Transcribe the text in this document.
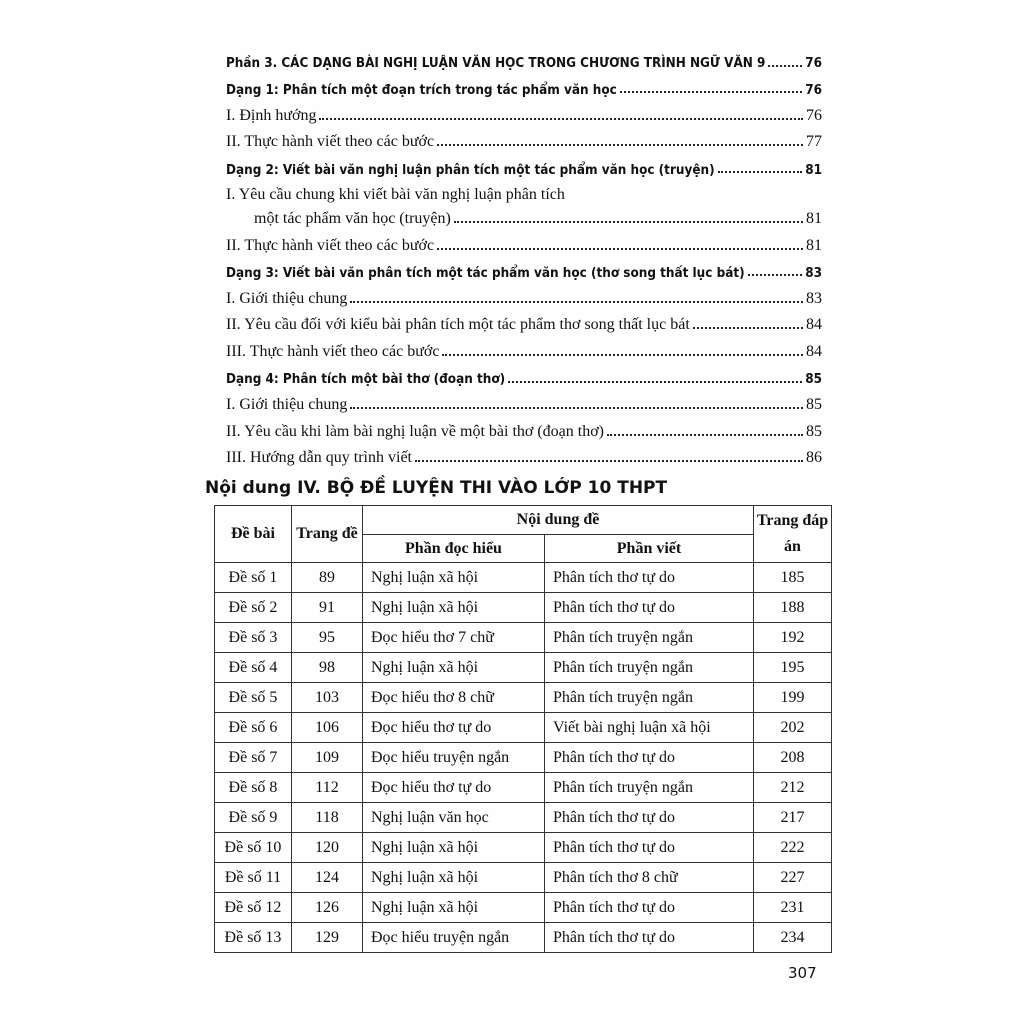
Phần 3. CÁC DẠNG BÀI NGHỊ LUẬN VĂN HỌC TRONG CHƯƠNG TRÌNH NGỮ VĂN 9	76
Dạng 1: Phân tích một đoạn trích trong tác phẩm văn học	76
I. Định hướng	76
II. Thực hành viết theo các bước	77
Dạng 2: Viết bài văn nghị luận phân tích một tác phẩm văn học (truyện)	81
I. Yêu cầu chung khi viết bài văn nghị luận phân tích
một tác phẩm văn học (truyện)	81
II. Thực hành viết theo các bước	81
Dạng 3: Viết bài văn phân tích một tác phẩm văn học (thơ song thất lục bát)	83
I. Giới thiệu chung	83
II. Yêu cầu đối với kiểu bài phân tích một tác phẩm thơ song thất lục bát	84
III. Thực hành viết theo các bước	84
Dạng 4: Phân tích một bài thơ (đoạn thơ)	85
I. Giới thiệu chung	85
II. Yêu cầu khi làm bài nghị luận về một bài thơ (đoạn thơ)	85
III. Hướng dẫn quy trình viết	86
Nội dung IV. BỘ ĐỀ LUYỆN THI VÀO LỚP 10 THPT
Đề bài	Trang đề	Nội dung đề		Trang đáp án
		Phần đọc hiểu	Phần viết	
Đề số 1	89	Nghị luận xã hội	Phân tích thơ tự do	185
Đề số 2	91	Nghị luận xã hội	Phân tích thơ tự do	188
Đề số 3	95	Đọc hiểu thơ 7 chữ	Phân tích truyện ngắn	192
Đề số 4	98	Nghị luận xã hội	Phân tích truyện ngắn	195
Đề số 5	103	Đọc hiểu thơ 8 chữ	Phân tích truyện ngắn	199
Đề số 6	106	Đọc hiểu thơ tự do	Viết bài nghị luận xã hội	202
Đề số 7	109	Đọc hiểu truyện ngắn	Phân tích thơ tự do	208
Đề số 8	112	Đọc hiểu thơ tự do	Phân tích truyện ngắn	212
Đề số 9	118	Nghị luận văn học	Phân tích thơ tự do	217
Đề số 10	120	Nghị luận xã hội	Phân tích thơ tự do	222
Đề số 11	124	Nghị luận xã hội	Phân tích thơ 8 chữ	227
Đề số 12	126	Nghị luận xã hội	Phân tích thơ tự do	231
Đề số 13	129	Đọc hiểu truyện ngắn	Phân tích thơ tự do	234
307
